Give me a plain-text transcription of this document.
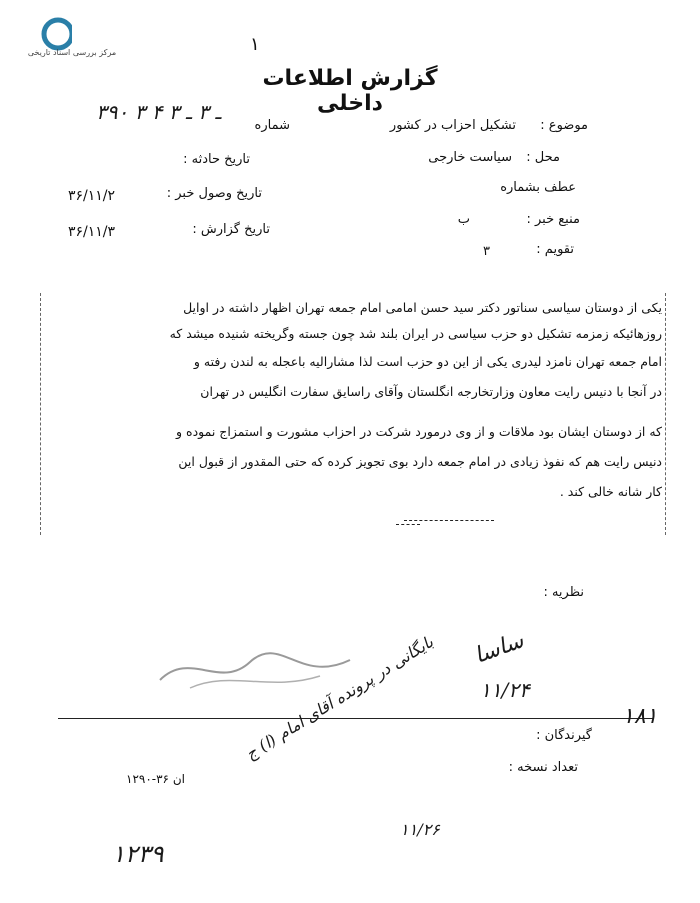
مرکز بررسی اسناد تاریخی	۱
گزارش اطلاعات داخلی
موضوع :
تشکیل احزاب در کشور
محل :
سیاست خارجی
عطف بشماره
منبع خبر :
ب
تقویم :
۳
شماره
۳۹۰ ۳ ـ ۳ ـ ۳ ۴
تاریخ حادثه :
تاریخ وصول خبر :
۳۶/۱۱/۲
تاریخ گزارش :
۳۶/۱۱/۳
یکی از دوستان سیاسی سناتور دکتر سید حسن امامی امام جمعه تهران اظهار داشته در اوایل
روزهائیکه زمزمه تشکیل دو حزب سیاسی در ایران بلند شد چون جسته وگریخته شنیده میشد که
امام جمعه تهران نامزد لیدری یکی از این دو حزب است لذا مشارالیه باعجله به لندن رفته و
در آنجا با دنیس رایت معاون وزارتخارجه انگلستان وآقای راسایق سفارت انگلیس در تهران
که از دوستان ایشان بود ملاقات و از وی درمورد شرکت در احزاب مشورت و استمزاج نموده و
دنیس رایت هم که نفوذ زیادی در امام جمعه دارد بوی تجویز کرده که حتی المقدور از قبول این
کار شانه خالی کند .
نظریه :
ساسا
۱۱/۲۴
گیرندگان :
تعداد نسخه :
۱۸۱
۱۲۹۰-۳۶ ان
بایگانی در پرونده آقای امام (ا) ج
۱۱/۲۶
۱۲۳۹
